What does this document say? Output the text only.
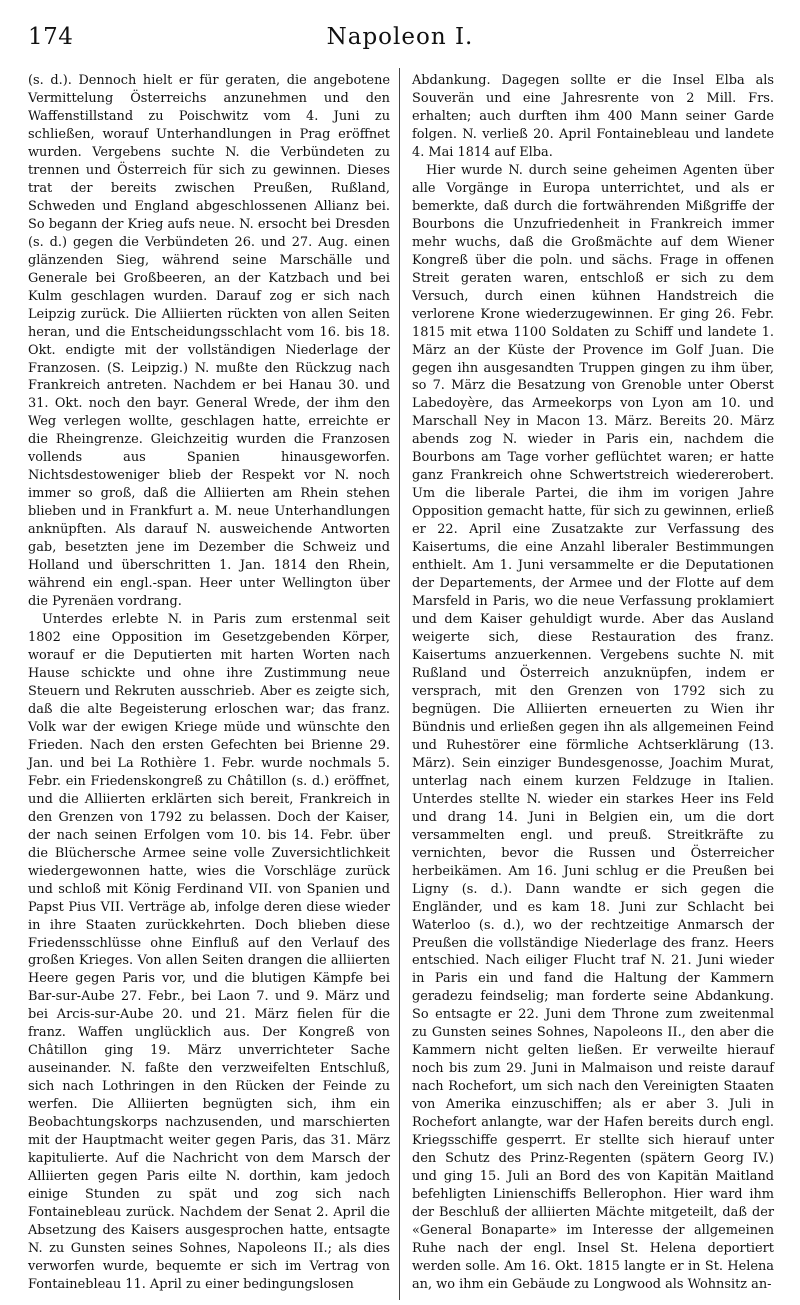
174	Napoleon I.

(s. d.). Dennoch hielt er für geraten, die angebotene Vermittelung Österreichs anzunehmen und den Waffenstillstand zu Poischwitz vom 4. Juni zu schließen, worauf Unterhandlungen in Prag eröffnet wurden. Vergebens suchte N. die Verbündeten zu trennen und Österreich für sich zu gewinnen. Dieses trat der bereits zwischen Preußen, Rußland, Schweden und England abgeschlossenen Allianz bei. So begann der Krieg aufs neue. N. ersocht bei Dresden (s. d.) gegen die Verbündeten 26. und 27. Aug. einen glänzenden Sieg, während seine Marschälle und Generale bei Großbeeren, an der Katzbach und bei Kulm geschlagen wurden. Darauf zog er sich nach Leipzig zurück. Die Alliierten rückten von allen Seiten heran, und die Entscheidungsschlacht vom 16. bis 18. Okt. endigte mit der vollständigen Niederlage der Franzosen. (S. Leipzig.) N. mußte den Rückzug nach Frankreich antreten. Nachdem er bei Hanau 30. und 31. Okt. noch den bayr. General Wrede, der ihm den Weg verlegen wollte, geschlagen hatte, erreichte er die Rheingrenze. Gleichzeitig wurden die Franzosen vollends aus Spanien hinausgeworfen. Nichtsdestoweniger blieb der Respekt vor N. noch immer so groß, daß die Alliierten am Rhein stehen blieben und in Frankfurt a. M. neue Unterhandlungen anknüpften. Als darauf N. ausweichende Antworten gab, besetzten jene im Dezember die Schweiz und Holland und überschritten 1. Jan. 1814 den Rhein, während ein engl.-span. Heer unter Wellington über die Pyrenäen vordrang.

Unterdes erlebte N. in Paris zum erstenmal seit 1802 eine Opposition im Gesetzgebenden Körper, worauf er die Deputierten mit harten Worten nach Hause schickte und ohne ihre Zustimmung neue Steuern und Rekruten ausschrieb. Aber es zeigte sich, daß die alte Begeisterung erloschen war; das franz. Volk war der ewigen Kriege müde und wünschte den Frieden. Nach den ersten Gefechten bei Brienne 29. Jan. und bei La Rothière 1. Febr. wurde nochmals 5. Febr. ein Friedenskongreß zu Châtillon (s. d.) eröffnet, und die Alliierten erklärten sich bereit, Frankreich in den Grenzen von 1792 zu belassen. Doch der Kaiser, der nach seinen Erfolgen vom 10. bis 14. Febr. über die Blüchersche Armee seine volle Zuversichtlichkeit wiedergewonnen hatte, wies die Vorschläge zurück und schloß mit König Ferdinand VII. von Spanien und Papst Pius VII. Verträge ab, infolge deren diese wieder in ihre Staaten zurückkehrten. Doch blieben diese Friedensschlüsse ohne Einfluß auf den Verlauf des großen Krieges. Von allen Seiten drangen die alliierten Heere gegen Paris vor, und die blutigen Kämpfe bei Bar-sur-Aube 27. Febr., bei Laon 7. und 9. März und bei Arcis-sur-Aube 20. und 21. März fielen für die franz. Waffen unglücklich aus. Der Kongreß von Châtillon ging 19. März unverrichteter Sache auseinander. N. faßte den verzweifelten Entschluß, sich nach Lothringen in den Rücken der Feinde zu werfen. Die Alliierten begnügten sich, ihm ein Beobachtungskorps nachzusenden, und marschierten mit der Hauptmacht weiter gegen Paris, das 31. März kapitulierte. Auf die Nachricht von dem Marsch der Alliierten gegen Paris eilte N. dorthin, kam jedoch einige Stunden zu spät und zog sich nach Fontainebleau zurück. Nachdem der Senat 2. April die Absetzung des Kaisers ausgesprochen hatte, entsagte N. zu Gunsten seines Sohnes, Napoleons II.; als dies verworfen wurde, bequemte er sich im Vertrag von Fontainebleau 11. April zu einer bedingungslosen

Abdankung. Dagegen sollte er die Insel Elba als Souverän und eine Jahresrente von 2 Mill. Frs. erhalten; auch durften ihm 400 Mann seiner Garde folgen. N. verließ 20. April Fontainebleau und landete 4. Mai 1814 auf Elba.

Hier wurde N. durch seine geheimen Agenten über alle Vorgänge in Europa unterrichtet, und als er bemerkte, daß durch die fortwährenden Mißgriffe der Bourbons die Unzufriedenheit in Frankreich immer mehr wuchs, daß die Großmächte auf dem Wiener Kongreß über die poln. und sächs. Frage in offenen Streit geraten waren, entschloß er sich zu dem Versuch, durch einen kühnen Handstreich die verlorene Krone wiederzugewinnen. Er ging 26. Febr. 1815 mit etwa 1100 Soldaten zu Schiff und landete 1. März an der Küste der Provence im Golf Juan. Die gegen ihn ausgesandten Truppen gingen zu ihm über, so 7. März die Besatzung von Grenoble unter Oberst Labedoyère, das Armeekorps von Lyon am 10. und Marschall Ney in Macon 13. März. Bereits 20. März abends zog N. wieder in Paris ein, nachdem die Bourbons am Tage vorher geflüchtet waren; er hatte ganz Frankreich ohne Schwertstreich wiedererobert. Um die liberale Partei, die ihm im vorigen Jahre Opposition gemacht hatte, für sich zu gewinnen, erließ er 22. April eine Zusatzakte zur Verfassung des Kaisertums, die eine Anzahl liberaler Bestimmungen enthielt. Am 1. Juni versammelte er die Deputationen der Departements, der Armee und der Flotte auf dem Marsfeld in Paris, wo die neue Verfassung proklamiert und dem Kaiser gehuldigt wurde. Aber das Ausland weigerte sich, diese Restauration des franz. Kaisertums anzuerkennen. Vergebens suchte N. mit Rußland und Österreich anzuknüpfen, indem er versprach, mit den Grenzen von 1792 sich zu begnügen. Die Alliierten erneuerten zu Wien ihr Bündnis und erließen gegen ihn als allgemeinen Feind und Ruhestörer eine förmliche Achtserklärung (13. März). Sein einziger Bundesgenosse, Joachim Murat, unterlag nach einem kurzen Feldzuge in Italien. Unterdes stellte N. wieder ein starkes Heer ins Feld und drang 14. Juni in Belgien ein, um die dort versammelten engl. und preuß. Streitkräfte zu vernichten, bevor die Russen und Österreicher herbeikämen. Am 16. Juni schlug er die Preußen bei Ligny (s. d.). Dann wandte er sich gegen die Engländer, und es kam 18. Juni zur Schlacht bei Waterloo (s. d.), wo der rechtzeitige Anmarsch der Preußen die vollständige Niederlage des franz. Heers entschied. Nach eiliger Flucht traf N. 21. Juni wieder in Paris ein und fand die Haltung der Kammern geradezu feindselig; man forderte seine Abdankung. So entsagte er 22. Juni dem Throne zum zweitenmal zu Gunsten seines Sohnes, Napoleons II., den aber die Kammern nicht gelten ließen. Er verweilte hierauf noch bis zum 29. Juni in Malmaison und reiste darauf nach Rochefort, um sich nach den Vereinigten Staaten von Amerika einzuschiffen; als er aber 3. Juli in Rochefort anlangte, war der Hafen bereits durch engl. Kriegsschiffe gesperrt. Er stellte sich hierauf unter den Schutz des Prinz-Regenten (spätern Georg IV.) und ging 15. Juli an Bord des von Kapitän Maitland befehligten Linienschiffs Bellerophon. Hier ward ihm der Beschluß der alliierten Mächte mitgeteilt, daß der «General Bonaparte» im Interesse der allgemeinen Ruhe nach der engl. Insel St. Helena deportiert werden solle. Am 16. Okt. 1815 langte er in St. Helena an, wo ihm ein Gebäude zu Longwood als Wohnsitz an-
